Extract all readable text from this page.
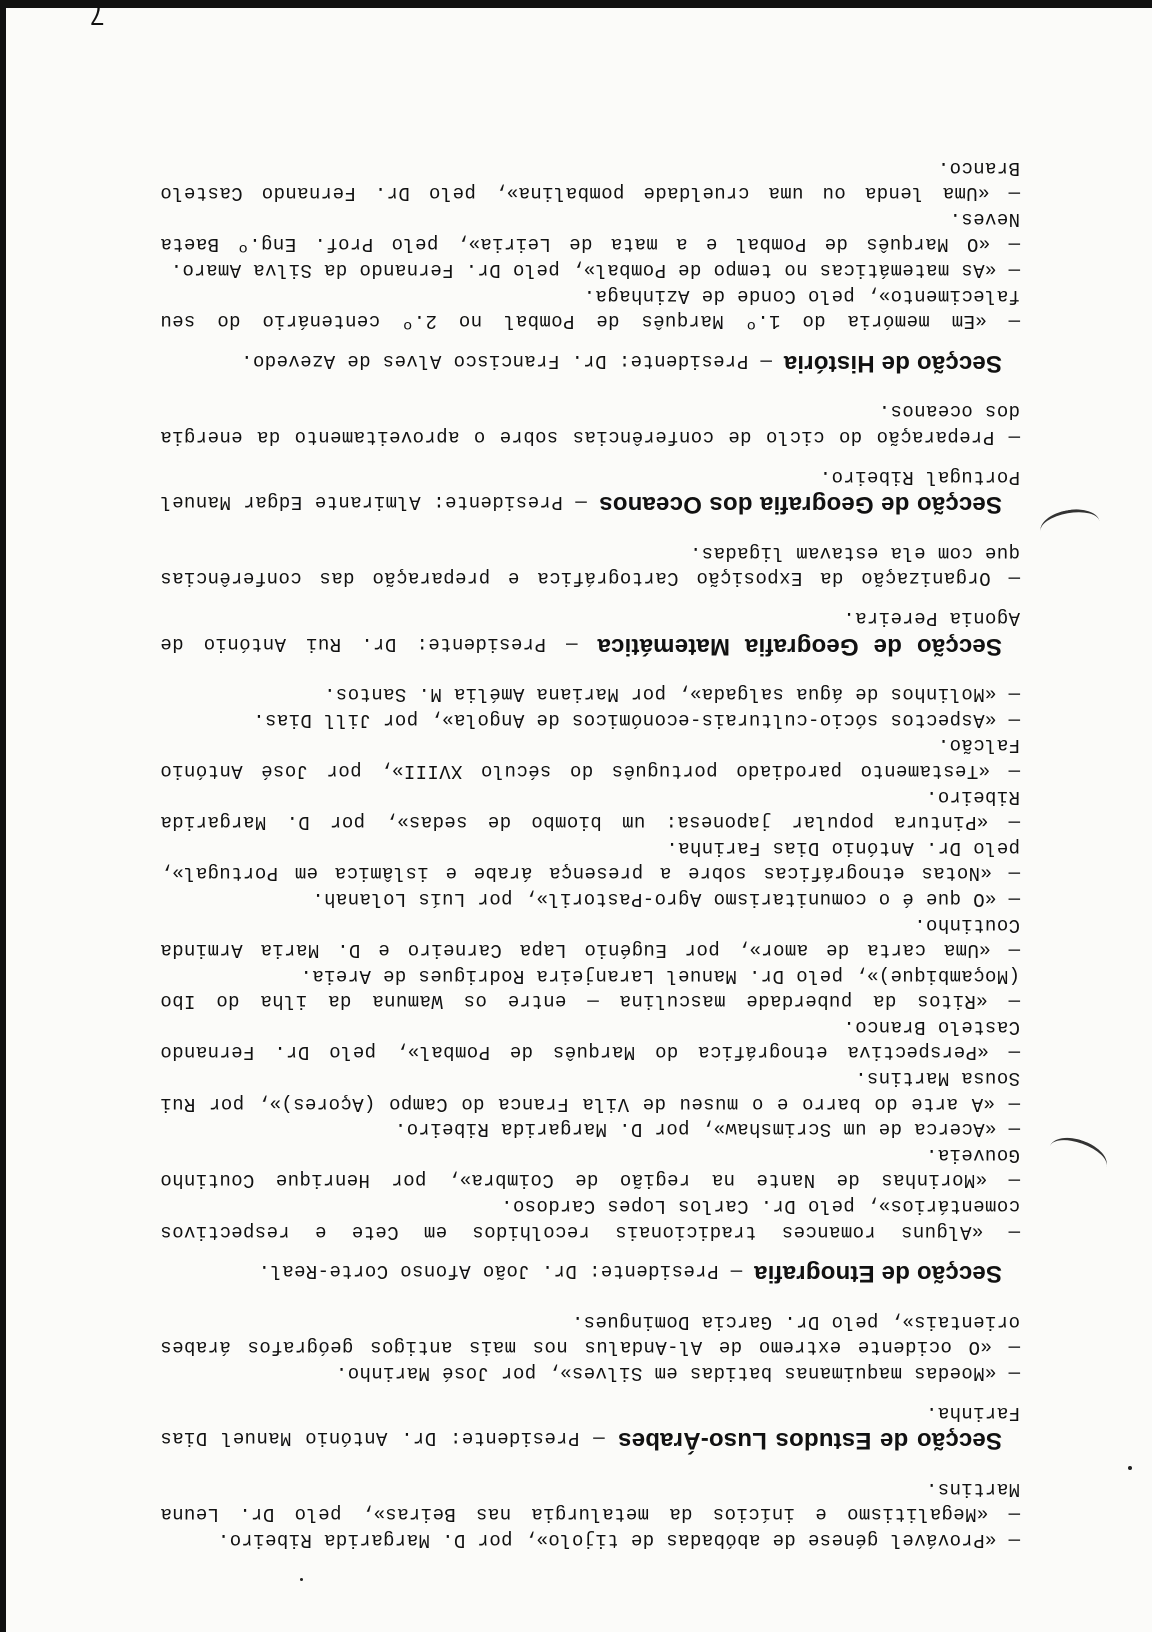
— «Provável génese de abóbadas de tijolo», por D. Margarida Ribeiro.

— «Megalitismo e inícios da metalurgia nas Beiras», pelo Dr. Leuna Martins.

Secção de Estudos Luso-Árabes — Presidente: Dr. António Manuel Dias Farinha.

— «Moedas maquimanas batidas em Silves», por José Marinho.

— «O ocidente extremo de Al-Andalus nos mais antigos geógrafos árabes orientais», pelo Dr. Garcia Domingues.

Secção de Etnografia — Presidente: Dr. João Afonso Corte-Real.

— «Alguns romances tradicionais recolhidos em Cete e respectivos comentários», pelo Dr. Carlos Lopes Cardoso.

— «Morinhas de Nante na região de Coimbra», por Henrique Coutinho Gouveia.

— «Acerca de um Scrimshaw», por D. Margarida Ribeiro.

— «A arte do barro e o museu de Vila Franca do Campo (Açores)», por Rui Sousa Martins.

— «Perspectiva etnográfica do Marquês de Pombal», pelo Dr. Fernando Castelo Branco.

— «Ritos da puberdade masculina — entre os Wamuna da ilha do Ibo (Moçambique)», pelo Dr. Manuel Laranjeira Rodrigues de Areia.

— «Uma carta de amor», por Eugénio Lapa Carneiro e D. Maria Arminda Coutinho.

— «O que é o comunitarismo Agro-Pastoril», por Luís Lolanah.

— «Notas etnográficas sobre a presença árabe e islâmica em Portugal», pelo Dr. António Dias Farinha.

— «Pintura popular japonesa: um biombo de sedas», por D. Margarida Ribeiro.

— «Testamento parodiado português do século XVIII», por José António Falcão.

— «Aspectos sócio-culturais-económicos de Angola», por Jill Dias.

— «Molinhos de água salgada», por Mariana Amélia M. Santos.

Secção de Geografia Matemática — Presidente: Dr. Rui António de Agonia Pereira.

— Organização da Exposição Cartográfica e preparação das conferências que com ela estavam ligadas.

Secção de Geografia dos Oceanos — Presidente: Almirante Edgar Manuel Portugal Ribeiro.

— Preparação do ciclo de conferências sobre o aproveitamento da energia dos oceanos.

Secção de História — Presidente: Dr. Francisco Alves de Azevedo.

— «Em memória do 1.º Marquês de Pombal no 2.º centenário do seu falecimento», pelo Conde de Azinhaga.

— «As matemáticas no tempo de Pombal», pelo Dr. Fernando da Silva Amaro.

— «O Marquês de Pombal e a mata de Leiria», pelo Prof. Eng.º Baeta Neves.

— «Uma lenda ou uma crueldade pombalina», pelo Dr. Fernando Castelo Branco.

7
